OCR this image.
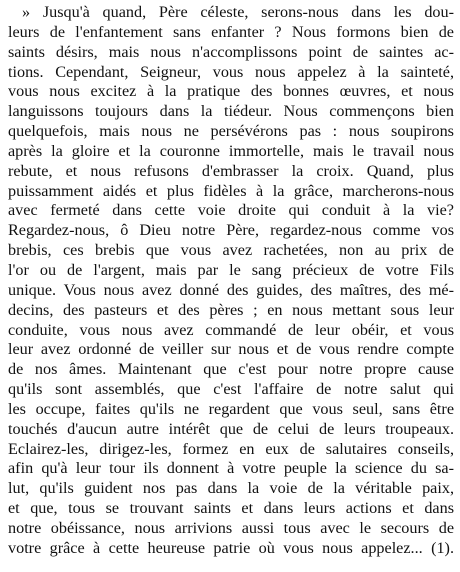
» Jusqu'à quand, Père céleste, serons-nous dans les dou-
leurs de l'enfantement sans enfanter ? Nous formons bien de
saints désirs, mais nous n'accomplissons point de saintes ac-
tions. Cependant, Seigneur, vous nous appelez à la sainteté,
vous nous excitez à la pratique des bonnes œuvres, et nous
languissons toujours dans la tiédeur. Nous commençons bien
quelquefois, mais nous ne persévérons pas : nous soupirons
après la gloire et la couronne immortelle, mais le travail nous
rebute, et nous refusons d'embrasser la croix. Quand, plus
puissamment aidés et plus fidèles à la grâce, marcherons-nous
avec fermeté dans cette voie droite qui conduit à la vie?
Regardez-nous, ô Dieu notre Père, regardez-nous comme vos
brebis, ces brebis que vous avez rachetées, non au prix de
l'or ou de l'argent, mais par le sang précieux de votre Fils
unique. Vous nous avez donné des guides, des maîtres, des mé-
decins, des pasteurs et des pères ; en nous mettant sous leur
conduite, vous nous avez commandé de leur obéir, et vous
leur avez ordonné de veiller sur nous et de vous rendre compte
de nos âmes. Maintenant que c'est pour notre propre cause
qu'ils sont assemblés, que c'est l'affaire de notre salut qui
les occupe, faites qu'ils ne regardent que vous seul, sans être
touchés d'aucun autre intérêt que de celui de leurs troupeaux.
Eclairez-les, dirigez-les, formez en eux de salutaires conseils,
afin qu'à leur tour ils donnent à votre peuple la science du sa-
lut, qu'ils guident nos pas dans la voie de la véritable paix,
et que, tous se trouvant saints et dans leurs actions et dans
notre obéissance, nous arrivions aussi tous avec le secours de
votre grâce à cette heureuse patrie où vous nous appelez... (1).
